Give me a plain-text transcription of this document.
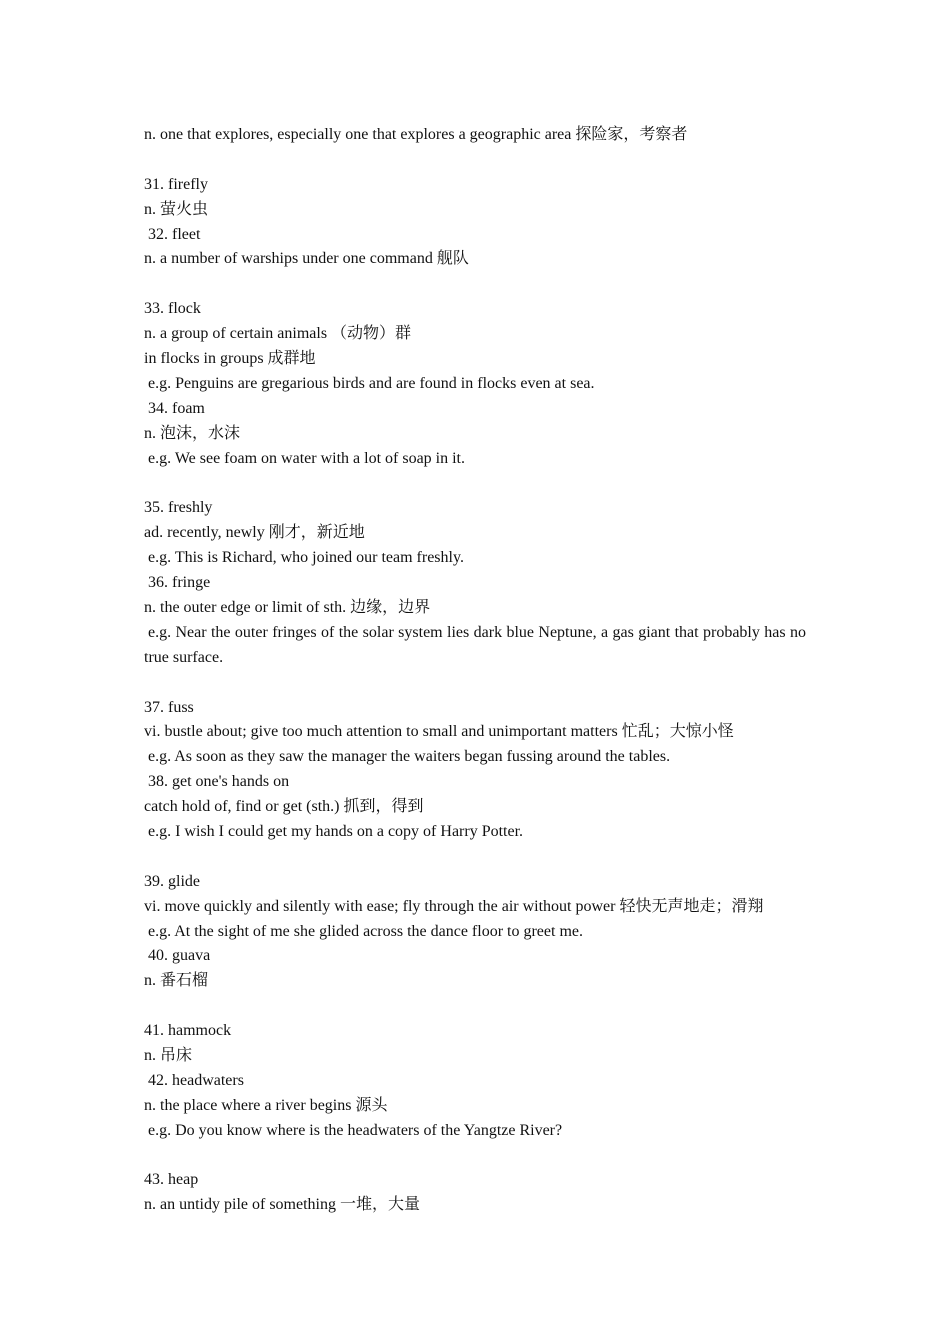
n. one that explores, especially one that explores a geographic area 探险家，考察者
31. firefly
n. 萤火虫
32. fleet
n. a number of warships under one command 舰队
33. flock
n. a group of certain animals （动物）群
in flocks in groups 成群地
e.g. Penguins are gregarious birds and are found in flocks even at sea.
34. foam
n. 泡沫，水沫
e.g. We see foam on water with a lot of soap in it.
35. freshly
ad. recently, newly 刚才，新近地
e.g. This is Richard, who joined our team freshly.
36. fringe
n. the outer edge or limit of sth. 边缘，边界
e.g. Near the outer fringes of the solar system lies dark blue Neptune, a gas giant that probably has no true surface.
37. fuss
vi. bustle about; give too much attention to small and unimportant matters 忙乱；大惊小怪
e.g. As soon as they saw the manager the waiters began fussing around the tables.
38. get one's hands on
catch hold of, find or get (sth.) 抓到，得到
e.g. I wish I could get my hands on a copy of Harry Potter.
39. glide
vi. move quickly and silently with ease; fly through the air without power 轻快无声地走；滑翔
e.g. At the sight of me she glided across the dance floor to greet me.
40. guava
n. 番石榴
41. hammock
n. 吊床
42. headwaters
n. the place where a river begins 源头
e.g. Do you know where is the headwaters of the Yangtze River?
43. heap
n. an untidy pile of something 一堆，大量
